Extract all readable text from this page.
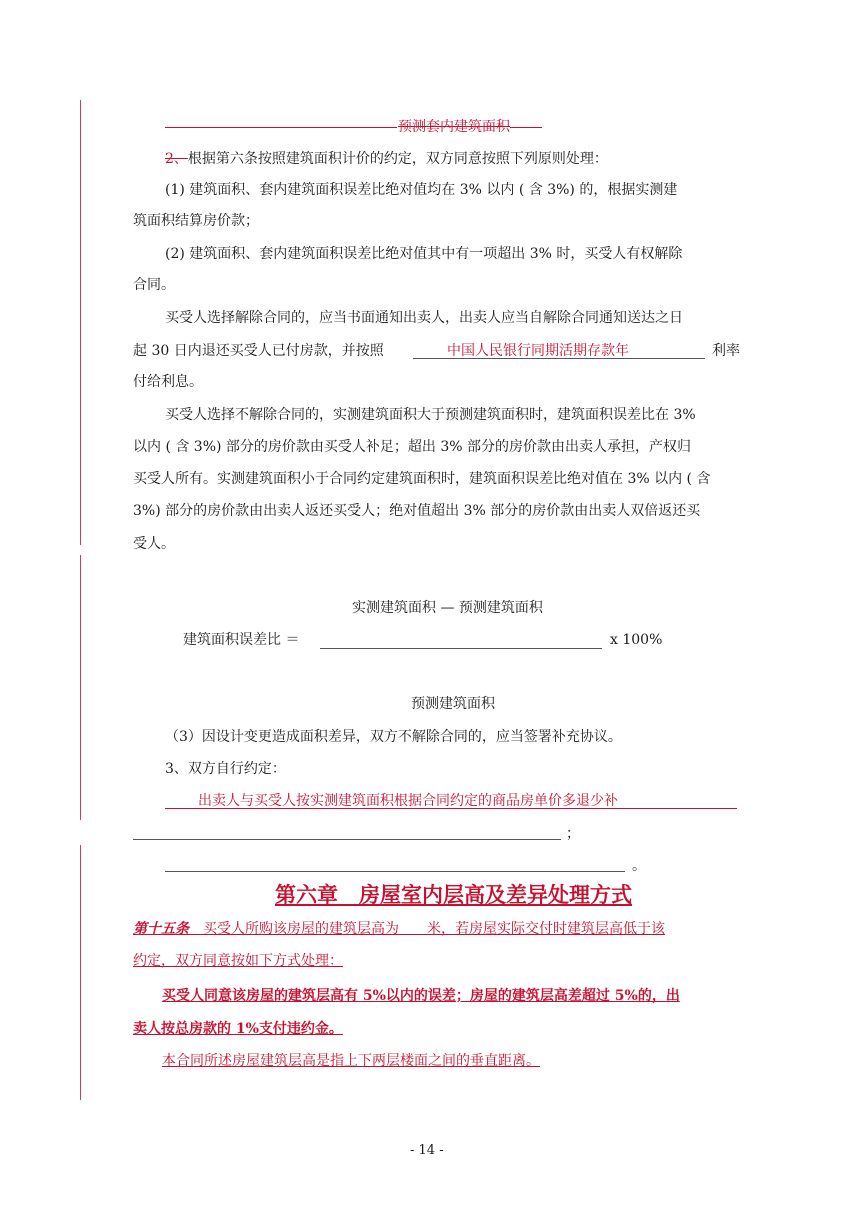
预测套内建筑面积
2、根据第六条按照建筑面积计价的约定，双方同意按照下列原则处理：
(1) 建筑面积、套内建筑面积误差比绝对值均在 3% 以内 ( 含 3%) 的，根据实测建
筑面积结算房价款；
(2) 建筑面积、套内建筑面积误差比绝对值其中有一项超出 3% 时，买受人有权解除
合同。
买受人选择解除合同的，应当书面通知出卖人，出卖人应当自解除合同通知送达之日
起 30 日内退还买受人已付房款，并按照	中国人民银行同期活期存款年	利率
付给利息。
买受人选择不解除合同的，实测建筑面积大于预测建筑面积时，建筑面积误差比在 3%
以内 ( 含 3%) 部分的房价款由买受人补足；超出 3% 部分的房价款由出卖人承担，产权归
买受人所有。实测建筑面积小于合同约定建筑面积时，建筑面积误差比绝对值在 3% 以内 ( 含
3%) 部分的房价款由出卖人返还买受人；绝对值超出 3% 部分的房价款由出卖人双倍返还买
受人。
实测建筑面积 — 预测建筑面积
建筑面积误差比 ＝	x 100%
预测建筑面积
（3）因设计变更造成面积差异，双方不解除合同的，应当签署补充协议。
3、双方自行约定：
出卖人与买受人按实测建筑面积根据合同约定的商品房单价多退少补
；
。
第六章　房屋室内层高及差异处理方式
第十五条　 买受人所购该房屋的建筑层高为　　米，若房屋实际交付时建筑层高低于该
约定，双方同意按如下方式处理：
买受人同意该房屋的建筑层高有 5%以内的误差；房屋的建筑层高差超过 5%的，出
卖人按总房款的 1%支付违约金。
本合同所述房屋建筑层高是指上下两层楼面之间的垂直距离。
- 14 -
